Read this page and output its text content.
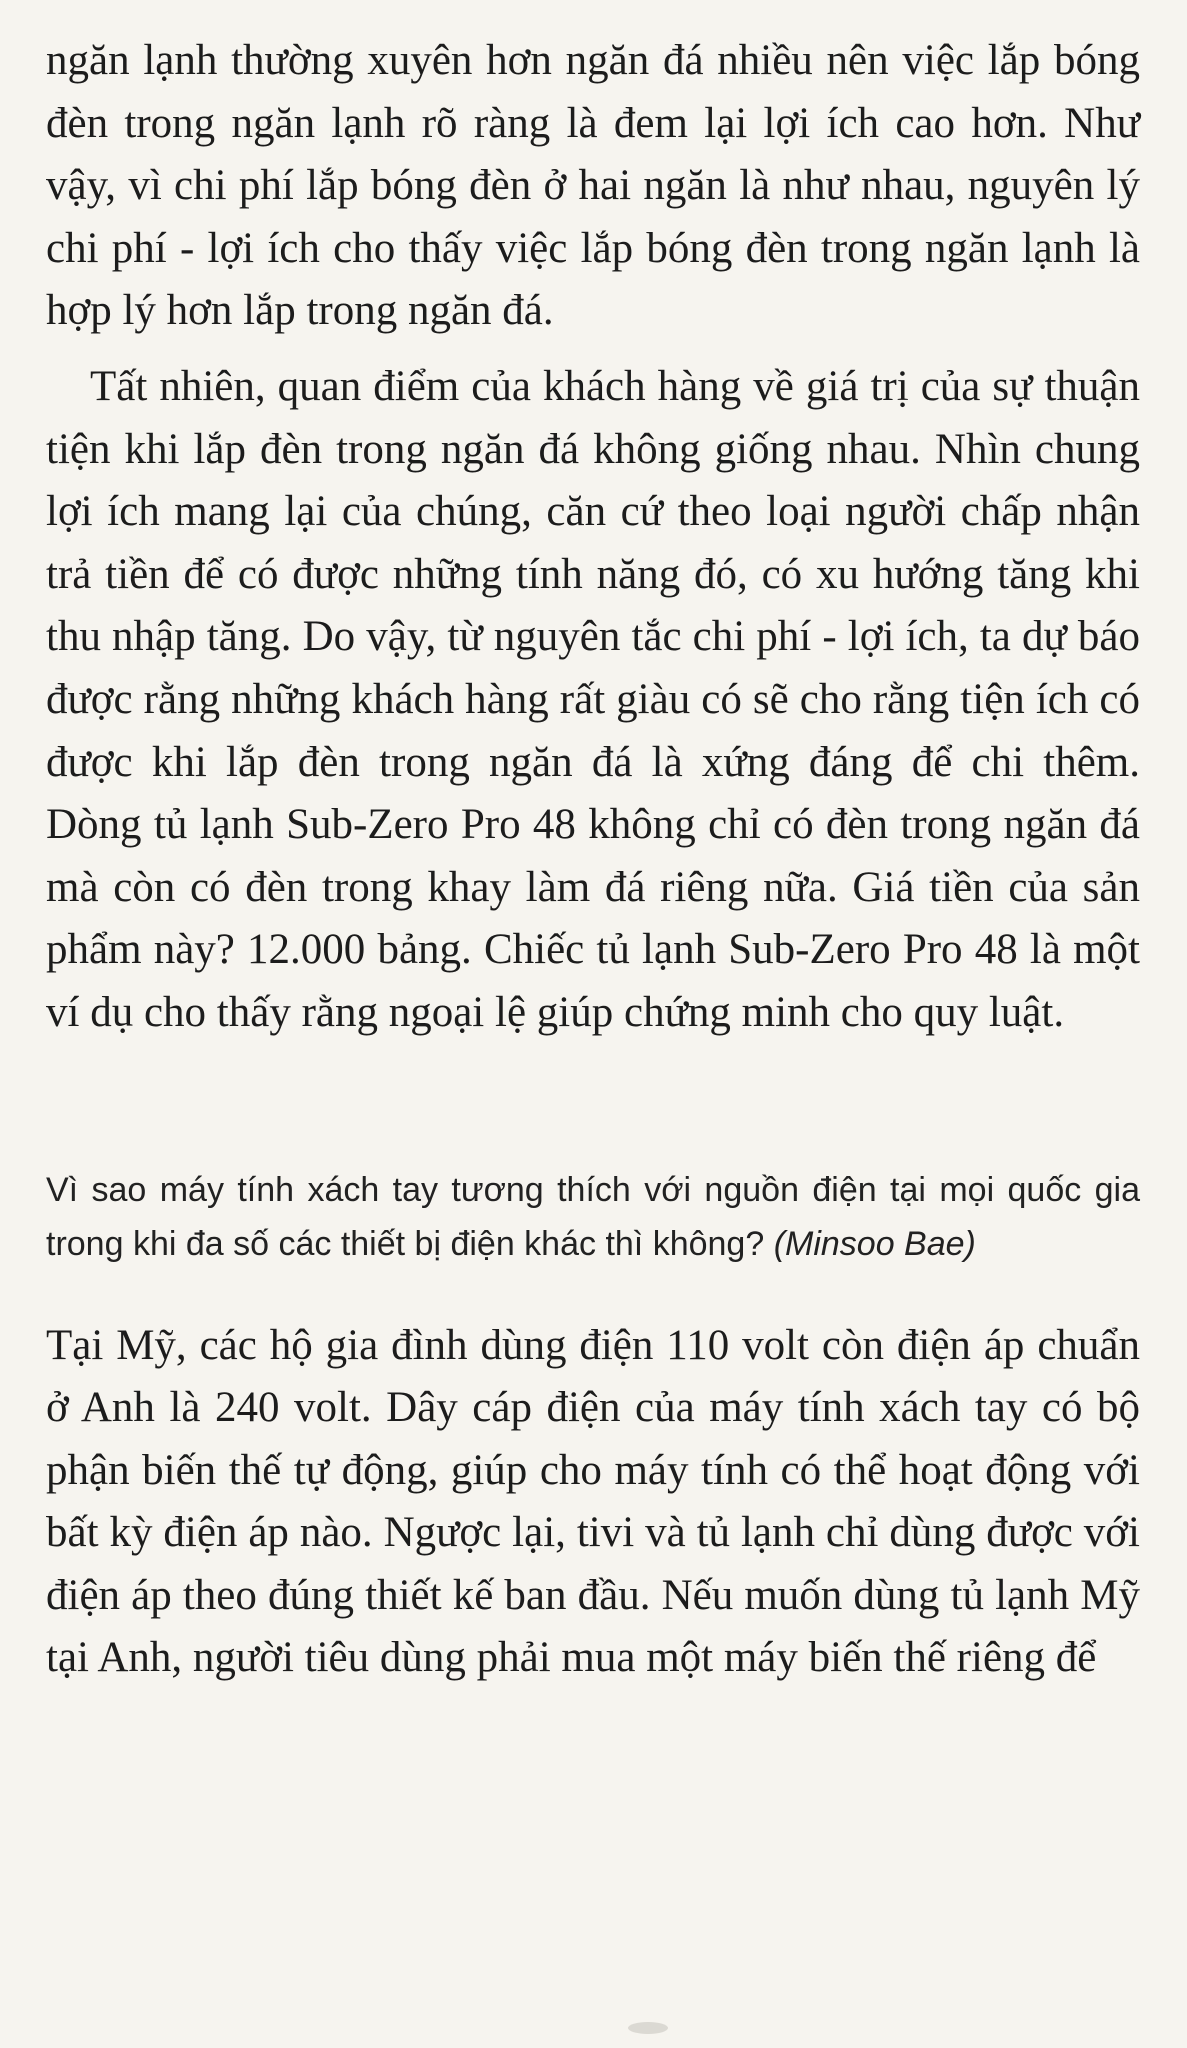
ngăn lạnh thường xuyên hơn ngăn đá nhiều nên việc lắp bóng đèn trong ngăn lạnh rõ ràng là đem lại lợi ích cao hơn. Như vậy, vì chi phí lắp bóng đèn ở hai ngăn là như nhau, nguyên lý chi phí - lợi ích cho thấy việc lắp bóng đèn trong ngăn lạnh là hợp lý hơn lắp trong ngăn đá.

Tất nhiên, quan điểm của khách hàng về giá trị của sự thuận tiện khi lắp đèn trong ngăn đá không giống nhau. Nhìn chung lợi ích mang lại của chúng, căn cứ theo loại người chấp nhận trả tiền để có được những tính năng đó, có xu hướng tăng khi thu nhập tăng. Do vậy, từ nguyên tắc chi phí - lợi ích, ta dự báo được rằng những khách hàng rất giàu có sẽ cho rằng tiện ích có được khi lắp đèn trong ngăn đá là xứng đáng để chi thêm. Dòng tủ lạnh Sub-Zero Pro 48 không chỉ có đèn trong ngăn đá mà còn có đèn trong khay làm đá riêng nữa. Giá tiền của sản phẩm này? 12.000 bảng. Chiếc tủ lạnh Sub-Zero Pro 48 là một ví dụ cho thấy rằng ngoại lệ giúp chứng minh cho quy luật.

Vì sao máy tính xách tay tương thích với nguồn điện tại mọi quốc gia trong khi đa số các thiết bị điện khác thì không? (Minsoo Bae)

Tại Mỹ, các hộ gia đình dùng điện 110 volt còn điện áp chuẩn ở Anh là 240 volt. Dây cáp điện của máy tính xách tay có bộ phận biến thế tự động, giúp cho máy tính có thể hoạt động với bất kỳ điện áp nào. Ngược lại, tivi và tủ lạnh chỉ dùng được với điện áp theo đúng thiết kế ban đầu. Nếu muốn dùng tủ lạnh Mỹ tại Anh, người tiêu dùng phải mua một máy biến thế riêng để
